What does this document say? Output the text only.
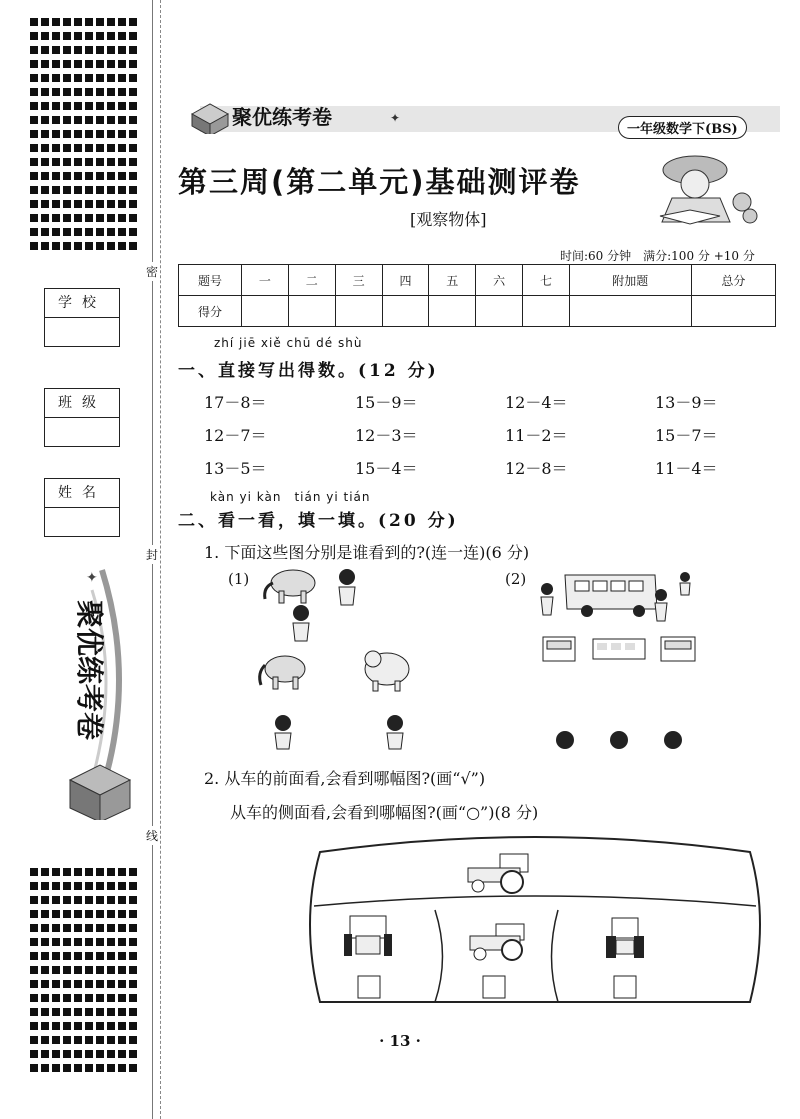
密
封
线
学校
班级
姓名
✦
聚优练考卷
聚优练考卷	✦
一年级数学下(BS)
第三周(第二单元)基础测评卷
[观察物体]
时间:60 分钟　满分:100 分 +10 分
题号	一	二	三	四	五	六	七	附加题	总分
得分									
zhí jiē xiě chū dé shù
一、直接写出得数。(12 分)
17－8＝	15－9＝	12－4＝	13－9＝
12－7＝	12－3＝	11－2＝	15－7＝
13－5＝	15－4＝	12－8＝	11－4＝
kàn yi kàn　tián yi tián
二、看一看，填一填。(20 分)
1. 下面这些图分别是谁看到的?(连一连)(6 分)
(1)	(2)
2. 从车的前面看,会看到哪幅图?(画“√”)
从车的侧面看,会看到哪幅图?(画“○”)(8 分)
· 13 ·
